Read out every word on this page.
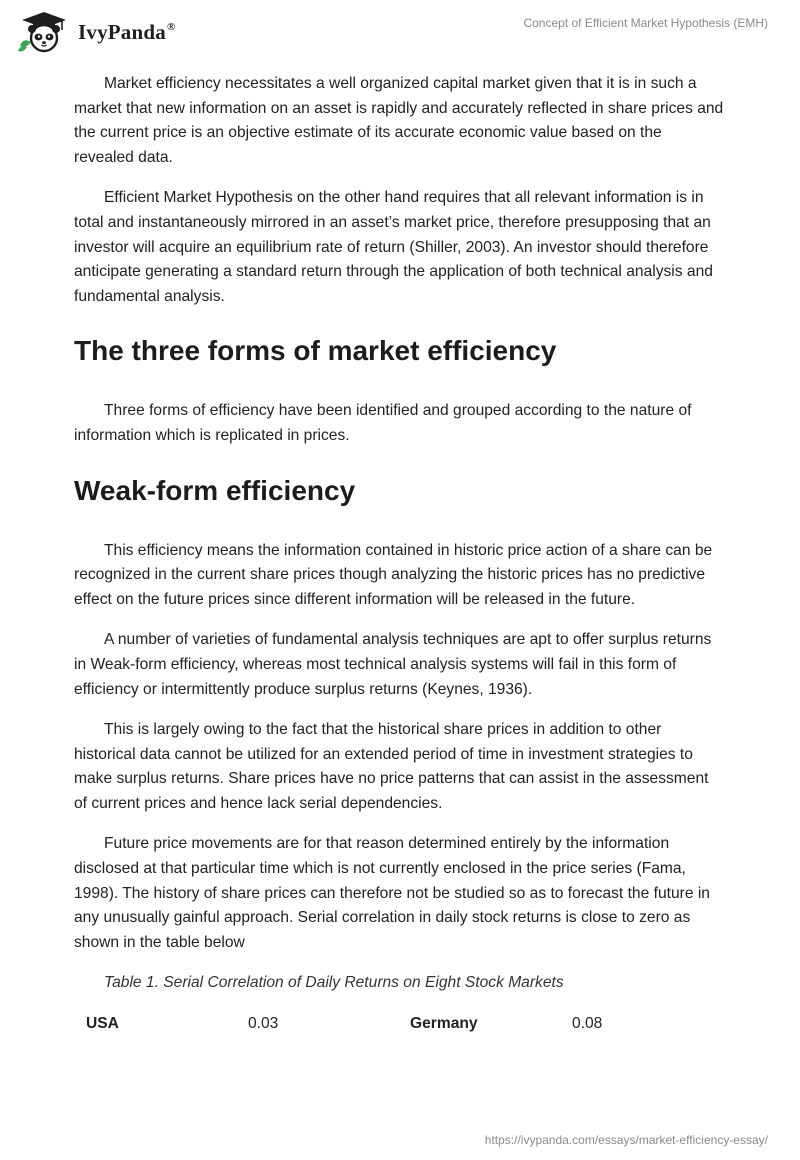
IvyPanda®	Concept of Efficient Market Hypothesis (EMH)

Market efficiency necessitates a well organized capital market given that it is in such a market that new information on an asset is rapidly and accurately reflected in share prices and the current price is an objective estimate of its accurate economic value based on the revealed data.

Efficient Market Hypothesis on the other hand requires that all relevant information is in total and instantaneously mirrored in an asset’s market price, therefore presupposing that an investor will acquire an equilibrium rate of return (Shiller, 2003). An investor should therefore anticipate generating a standard return through the application of both technical analysis and fundamental analysis.

The three forms of market efficiency

Three forms of efficiency have been identified and grouped according to the nature of information which is replicated in prices.

Weak-form efficiency

This efficiency means the information contained in historic price action of a share can be recognized in the current share prices though analyzing the historic prices has no predictive effect on the future prices since different information will be released in the future.

A number of varieties of fundamental analysis techniques are apt to offer surplus returns in Weak-form efficiency, whereas most technical analysis systems will fail in this form of efficiency or intermittently produce surplus returns (Keynes, 1936).

This is largely owing to the fact that the historical share prices in addition to other historical data cannot be utilized for an extended period of time in investment strategies to make surplus returns. Share prices have no price patterns that can assist in the assessment of current prices and hence lack serial dependencies.

Future price movements are for that reason determined entirely by the information disclosed at that particular time which is not currently enclosed in the price series (Fama, 1998). The history of share prices can therefore not be studied so as to forecast the future in any unusually gainful approach. Serial correlation in daily stock returns is close to zero as shown in the table below

Table 1. Serial Correlation of Daily Returns on Eight Stock Markets
USA	0.03	Germany	0.08
https://ivypanda.com/essays/market-efficiency-essay/
